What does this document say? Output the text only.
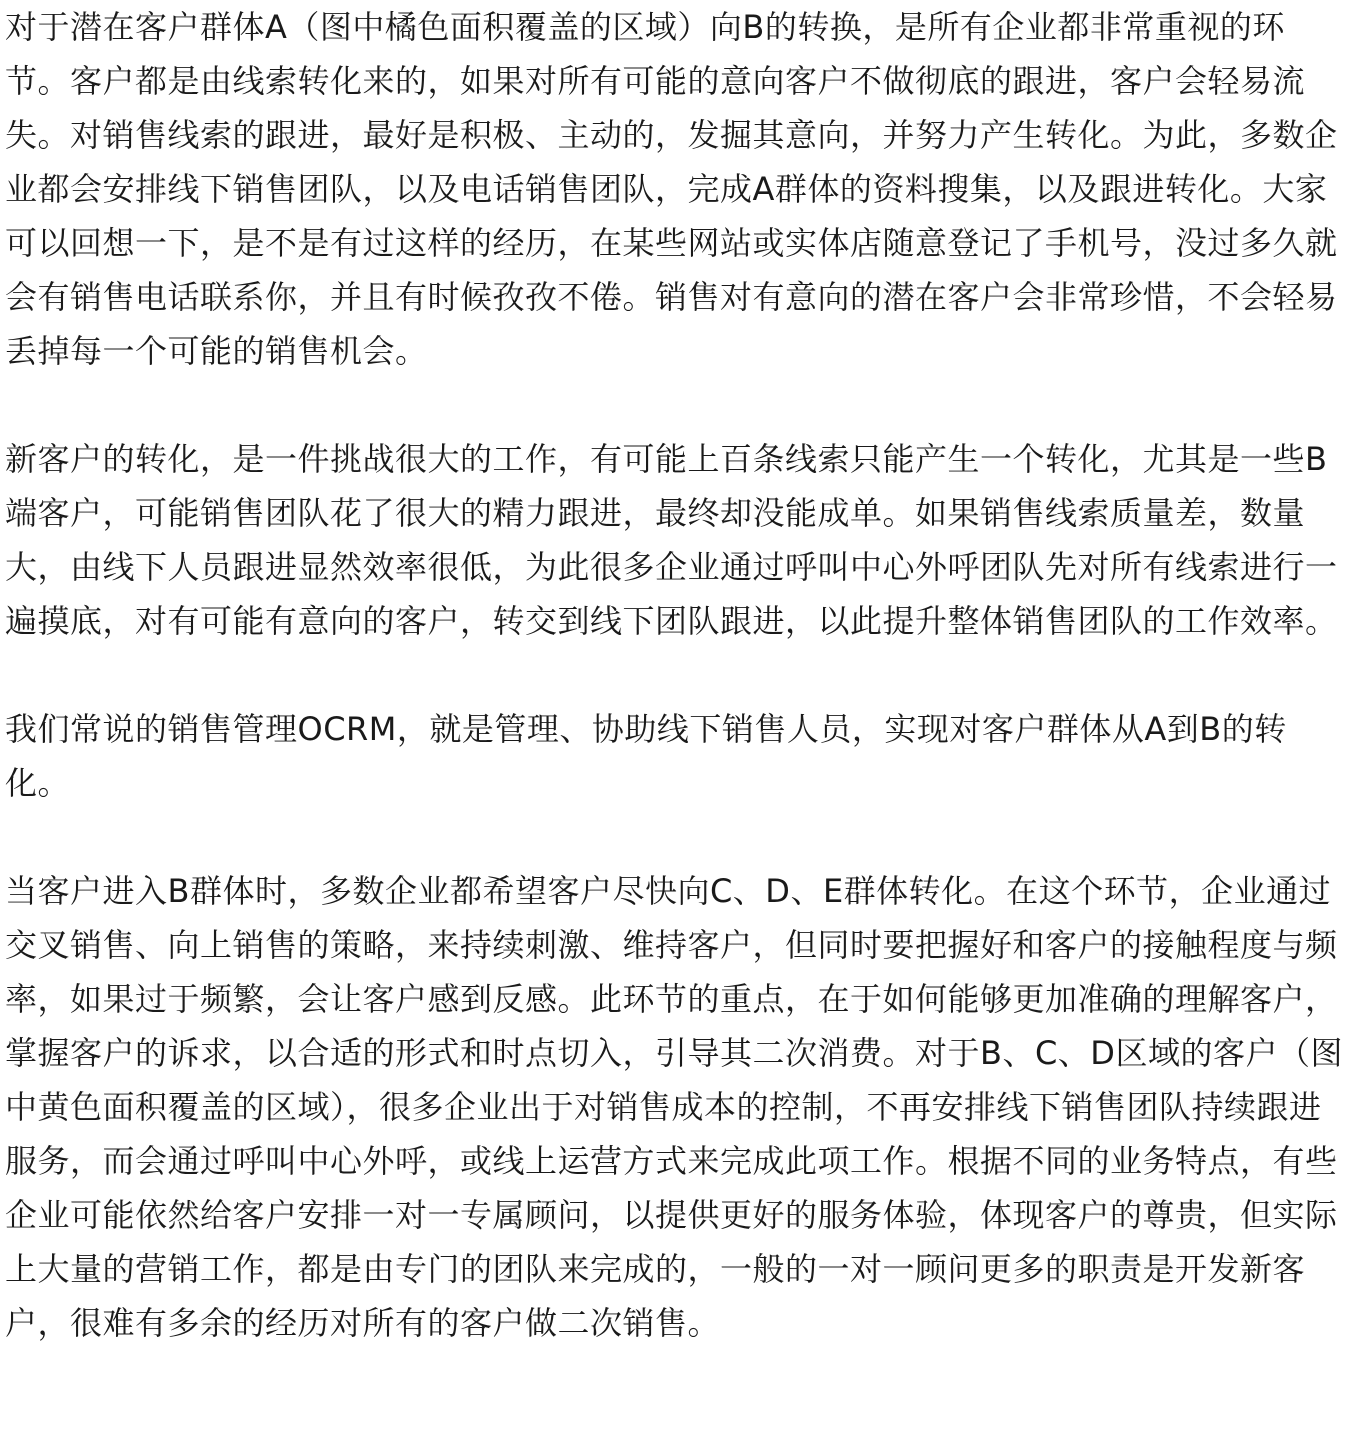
对于潜在客户群体A（图中橘色面积覆盖的区域）向B的转换，是所有企业都非常重视的环节。客户都是由线索转化来的，如果对所有可能的意向客户不做彻底的跟进，客户会轻易流失。对销售线索的跟进，最好是积极、主动的，发掘其意向，并努力产生转化。为此，多数企业都会安排线下销售团队，以及电话销售团队，完成A群体的资料搜集，以及跟进转化。大家可以回想一下，是不是有过这样的经历，在某些网站或实体店随意登记了手机号，没过多久就会有销售电话联系你，并且有时候孜孜不倦。销售对有意向的潜在客户会非常珍惜，不会轻易丢掉每一个可能的销售机会。

新客户的转化，是一件挑战很大的工作，有可能上百条线索只能产生一个转化，尤其是一些B端客户，可能销售团队花了很大的精力跟进，最终却没能成单。如果销售线索质量差，数量大，由线下人员跟进显然效率很低，为此很多企业通过呼叫中心外呼团队先对所有线索进行一遍摸底，对有可能有意向的客户，转交到线下团队跟进，以此提升整体销售团队的工作效率。

我们常说的销售管理OCRM，就是管理、协助线下销售人员，实现对客户群体从A到B的转化。

当客户进入B群体时，多数企业都希望客户尽快向C、D、E群体转化。在这个环节，企业通过交叉销售、向上销售的策略，来持续刺激、维持客户，但同时要把握好和客户的接触程度与频率，如果过于频繁，会让客户感到反感。此环节的重点，在于如何能够更加准确的理解客户，掌握客户的诉求，以合适的形式和时点切入，引导其二次消费。对于B、C、D区域的客户（图中黄色面积覆盖的区域），很多企业出于对销售成本的控制，不再安排线下销售团队持续跟进服务，而会通过呼叫中心外呼，或线上运营方式来完成此项工作。根据不同的业务特点，有些企业可能依然给客户安排一对一专属顾问，以提供更好的服务体验，体现客户的尊贵，但实际上大量的营销工作，都是由专门的团队来完成的，一般的一对一顾问更多的职责是开发新客户，很难有多余的经历对所有的客户做二次销售。
